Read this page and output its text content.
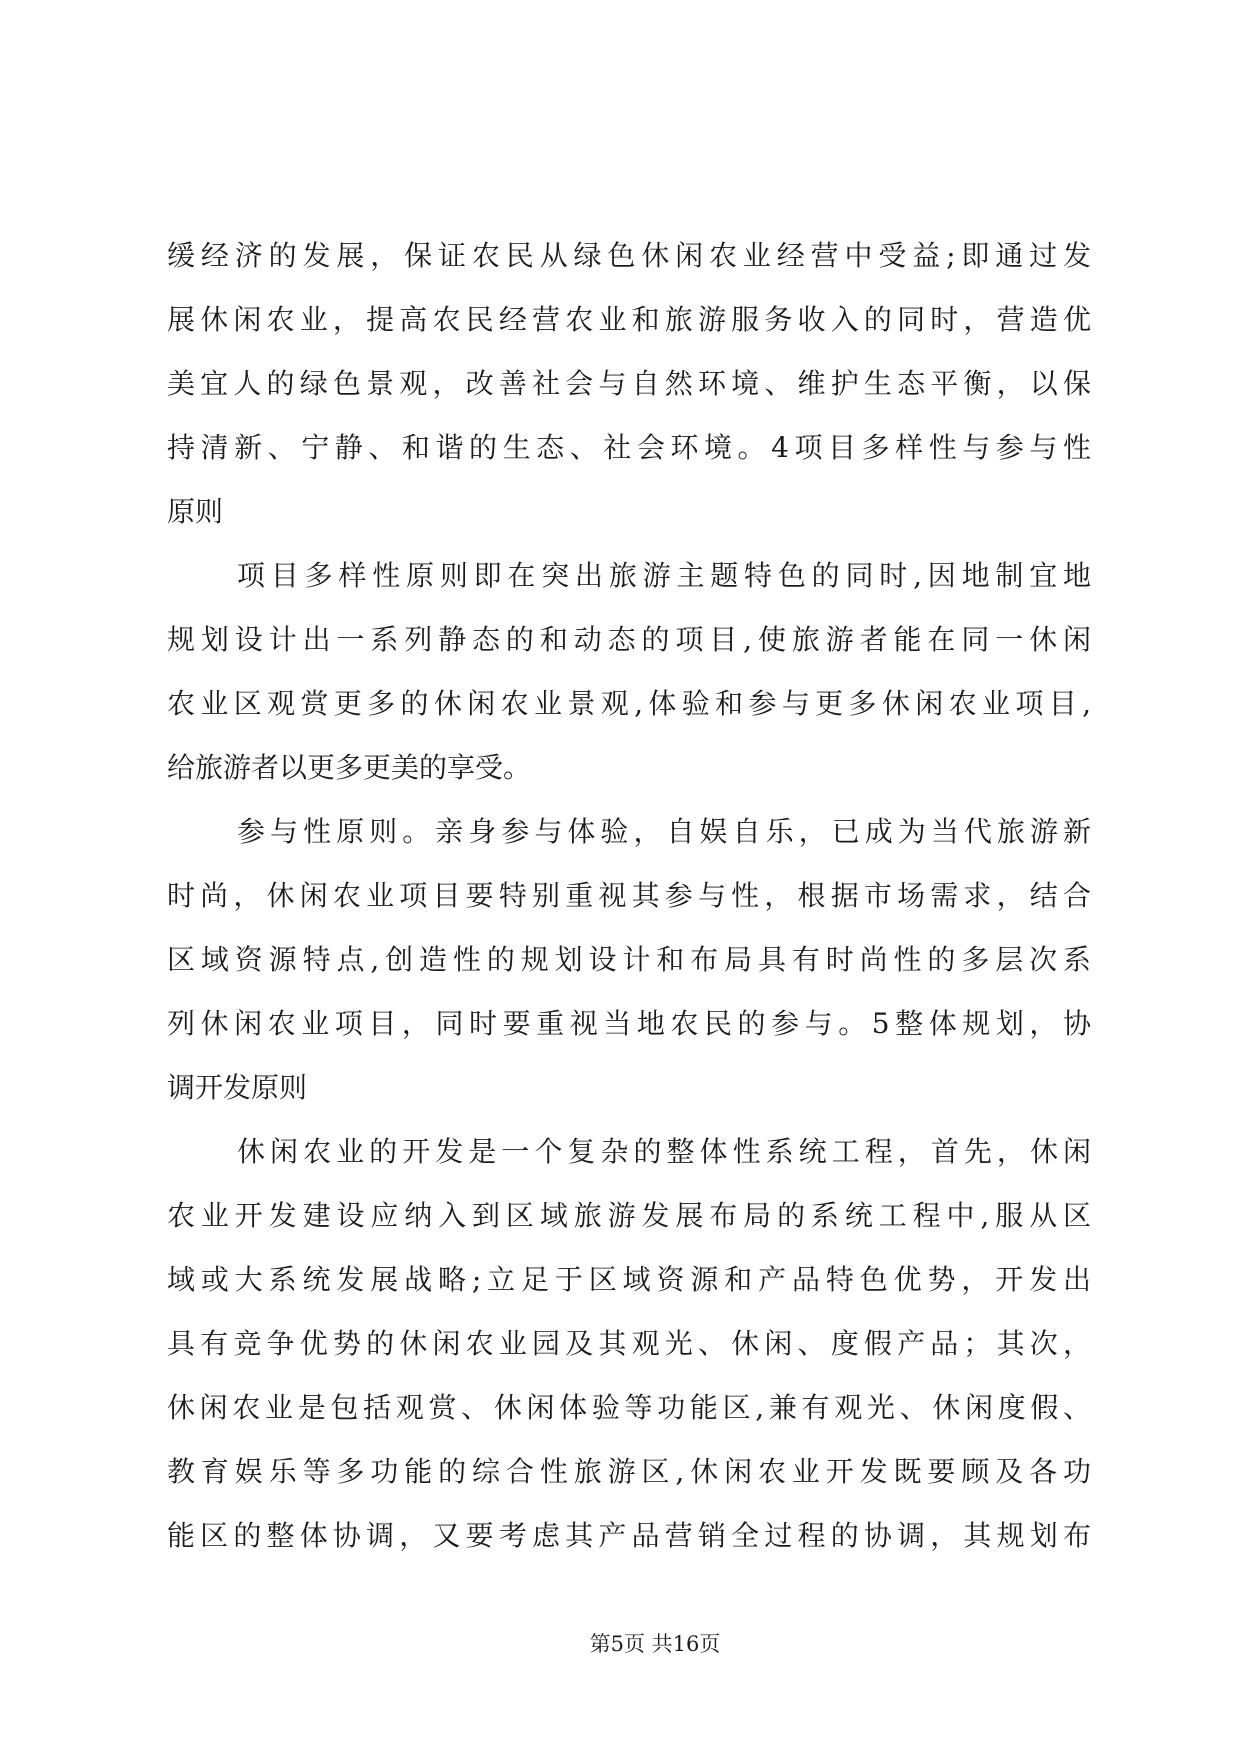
缓经济的发展，保证农民从绿色休闲农业经营中受益;即通过发
展休闲农业，提高农民经营农业和旅游服务收入的同时，营造优
美宜人的绿色景观，改善社会与自然环境、维护生态平衡，以保
持清新、宁静、和谐的生态、社会环境。4项目多样性与参与性
原则
项目多样性原则即在突出旅游主题特色的同时,因地制宜地
规划设计出一系列静态的和动态的项目,使旅游者能在同一休闲
农业区观赏更多的休闲农业景观,体验和参与更多休闲农业项目,
给旅游者以更多更美的享受。
参与性原则。亲身参与体验，自娱自乐，已成为当代旅游新
时尚，休闲农业项目要特别重视其参与性，根据市场需求，结合
区域资源特点,创造性的规划设计和布局具有时尚性的多层次系
列休闲农业项目，同时要重视当地农民的参与。5整体规划，协
调开发原则
休闲农业的开发是一个复杂的整体性系统工程，首先，休闲
农业开发建设应纳入到区域旅游发展布局的系统工程中,服从区
域或大系统发展战略;立足于区域资源和产品特色优势，开发出
具有竞争优势的休闲农业园及其观光、休闲、度假产品；其次，
休闲农业是包括观赏、休闲体验等功能区,兼有观光、休闲度假、
教育娱乐等多功能的综合性旅游区,休闲农业开发既要顾及各功
能区的整体协调，又要考虑其产品营销全过程的协调，其规划布
第5页 共16页
